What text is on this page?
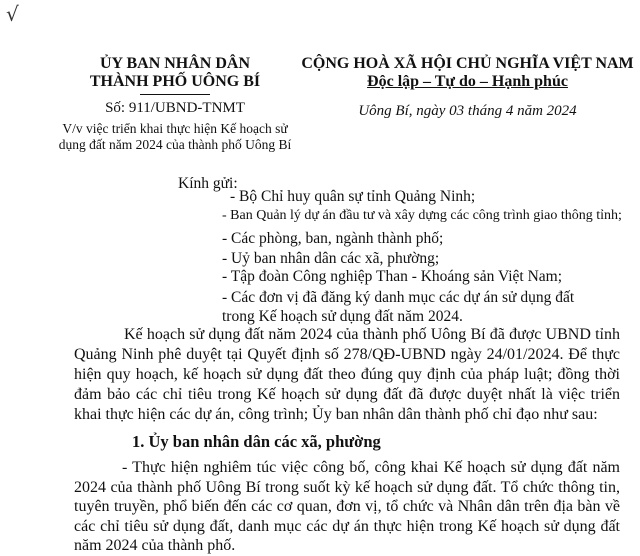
√
ỦY BAN NHÂN DÂN
THÀNH PHỐ UÔNG BÍ
Số: 911/UBND-TNMT
V/v việc triển khai thực hiện Kế hoạch sử dụng đất năm 2024 của thành phố Uông Bí
CỘNG HOÀ XÃ HỘI CHỦ NGHĨA VIỆT NAM
Độc lập – Tự do – Hạnh phúc
Uông Bí, ngày 03 tháng 4 năm 2024
Kính gửi:
- Bộ Chỉ huy quân sự tỉnh Quảng Ninh;
- Ban Quản lý dự án đầu tư và xây dựng các công trình giao thông tỉnh;
- Các phòng, ban, ngành thành phố;
- Uỷ ban nhân dân các xã, phường;
- Tập đoàn Công nghiệp Than - Khoáng sản Việt Nam;
- Các đơn vị đã đăng ký danh mục các dự án sử dụng đất trong Kế hoạch sử dụng đất năm 2024.
Kế hoạch sử dụng đất năm 2024 của thành phố Uông Bí đã được UBND tỉnh Quảng Ninh phê duyệt tại Quyết định số 278/QĐ-UBND ngày 24/01/2024. Để thực hiện quy hoạch, kế hoạch sử dụng đất theo đúng quy định của pháp luật; đồng thời đảm bảo các chỉ tiêu trong Kế hoạch sử dụng đất đã được duyệt nhất là việc triển khai thực hiện các dự án, công trình; Ủy ban nhân dân thành phố chỉ đạo như sau:
1. Ủy ban nhân dân các xã, phường
- Thực hiện nghiêm túc việc công bố, công khai Kế hoạch sử dụng đất năm 2024 của thành phố Uông Bí trong suốt kỳ kế hoạch sử dụng đất. Tổ chức thông tin, tuyên truyền, phổ biến đến các cơ quan, đơn vị, tổ chức và Nhân dân trên địa bàn về các chỉ tiêu sử dụng đất, danh mục các dự án thực hiện trong Kế hoạch sử dụng đất năm 2024 của thành phố.
